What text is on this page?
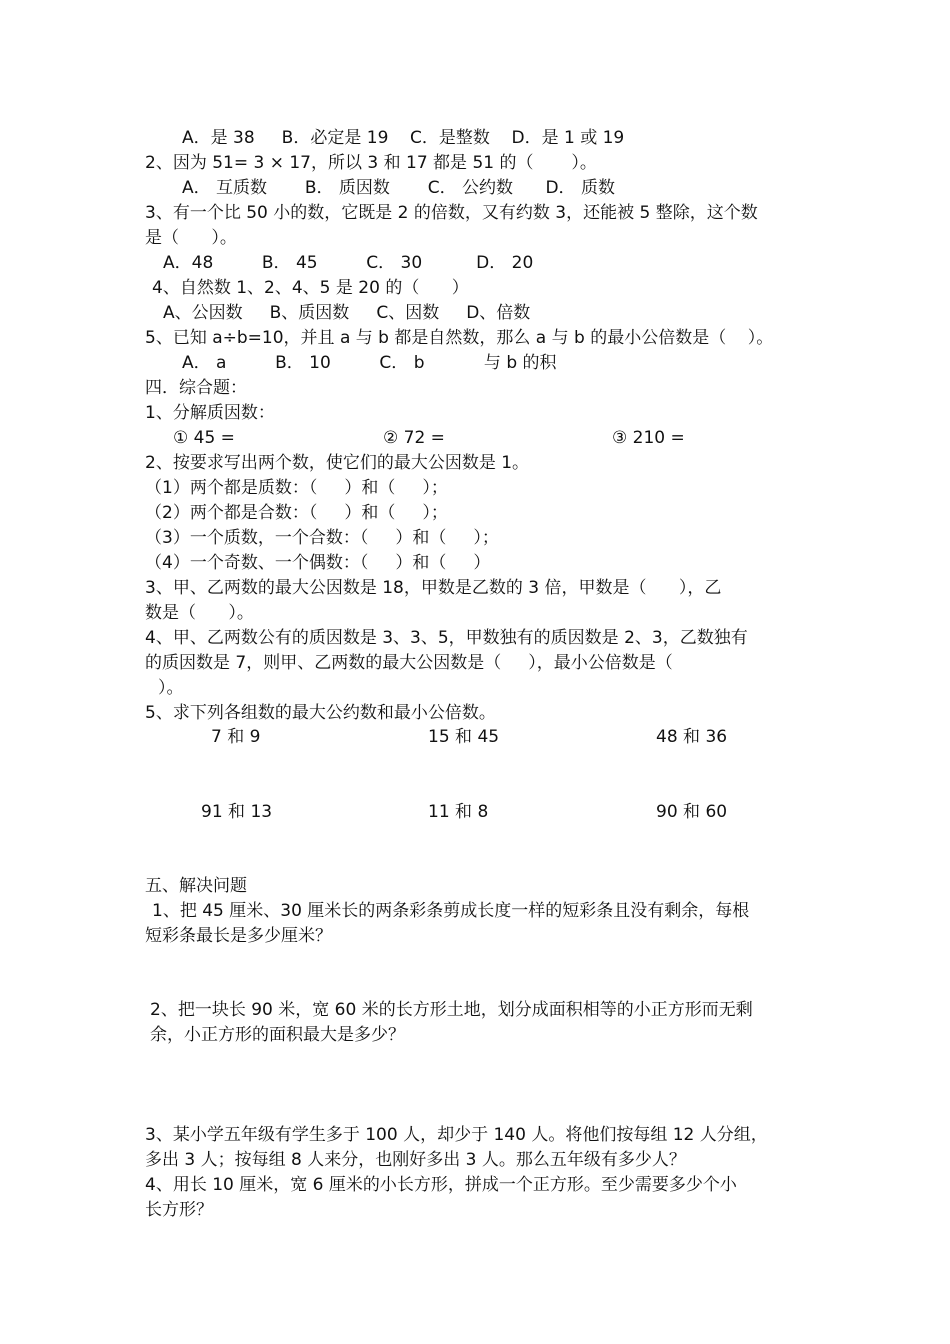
A．是 38     B．必定是 19    C．是整数    D．是 1 或 19
2、因为 51= 3 × 17，所以 3 和 17 都是 51 的（       ）。
A． 互质数       B． 质因数       C． 公约数      D． 质数
3、有一个比 50 小的数，它既是 2 的倍数，又有约数 3，还能被 5 整除，这个数
是（      ）。
A．48         B． 45         C． 30          D． 20
4、自然数 1、2、4、5 是 20 的（      ）
A、公因数     B、质因数     C、因数     D、倍数
5、已知 a÷b=10，并且 a 与 b 都是自然数，那么 a 与 b 的最小公倍数是（    ）。
A． a         B． 10         C． b           与 b 的积
四．综合题：
1、分解质因数：
① 45 =	② 72 =	③ 210 =
2、按要求写出两个数，使它们的最大公因数是 1。
（1）两个都是质数：（     ）和（     ）；
（2）两个都是合数：（     ）和（     ）；
（3）一个质数，一个合数：（     ）和（     ）；
（4）一个奇数、一个偶数：（     ）和（     ）
3、甲、乙两数的最大公因数是 18，甲数是乙数的 3 倍，甲数是（      ），乙
数是（      ）。
4、甲、乙两数公有的质因数是 3、3、5，甲数独有的质因数是 2、3，乙数独有
的质因数是 7，则甲、乙两数的最大公因数是（     ），最小公倍数是（
）。
5、求下列各组数的最大公约数和最小公倍数。
7 和 9	15 和 45	48 和 36
91 和 13	11 和 8	90 和 60
五、解决问题
1、把 45 厘米、30 厘米长的两条彩条剪成长度一样的短彩条且没有剩余，每根
短彩条最长是多少厘米？
2、把一块长 90 米，宽 60 米的长方形土地，划分成面积相等的小正方形而无剩
余，小正方形的面积最大是多少？
3、某小学五年级有学生多于 100 人，却少于 140 人。将他们按每组 12 人分组，
多出 3 人；按每组 8 人来分，也刚好多出 3 人。那么五年级有多少人？
4、用长 10 厘米，宽 6 厘米的小长方形，拼成一个正方形。至少需要多少个小
长方形？
